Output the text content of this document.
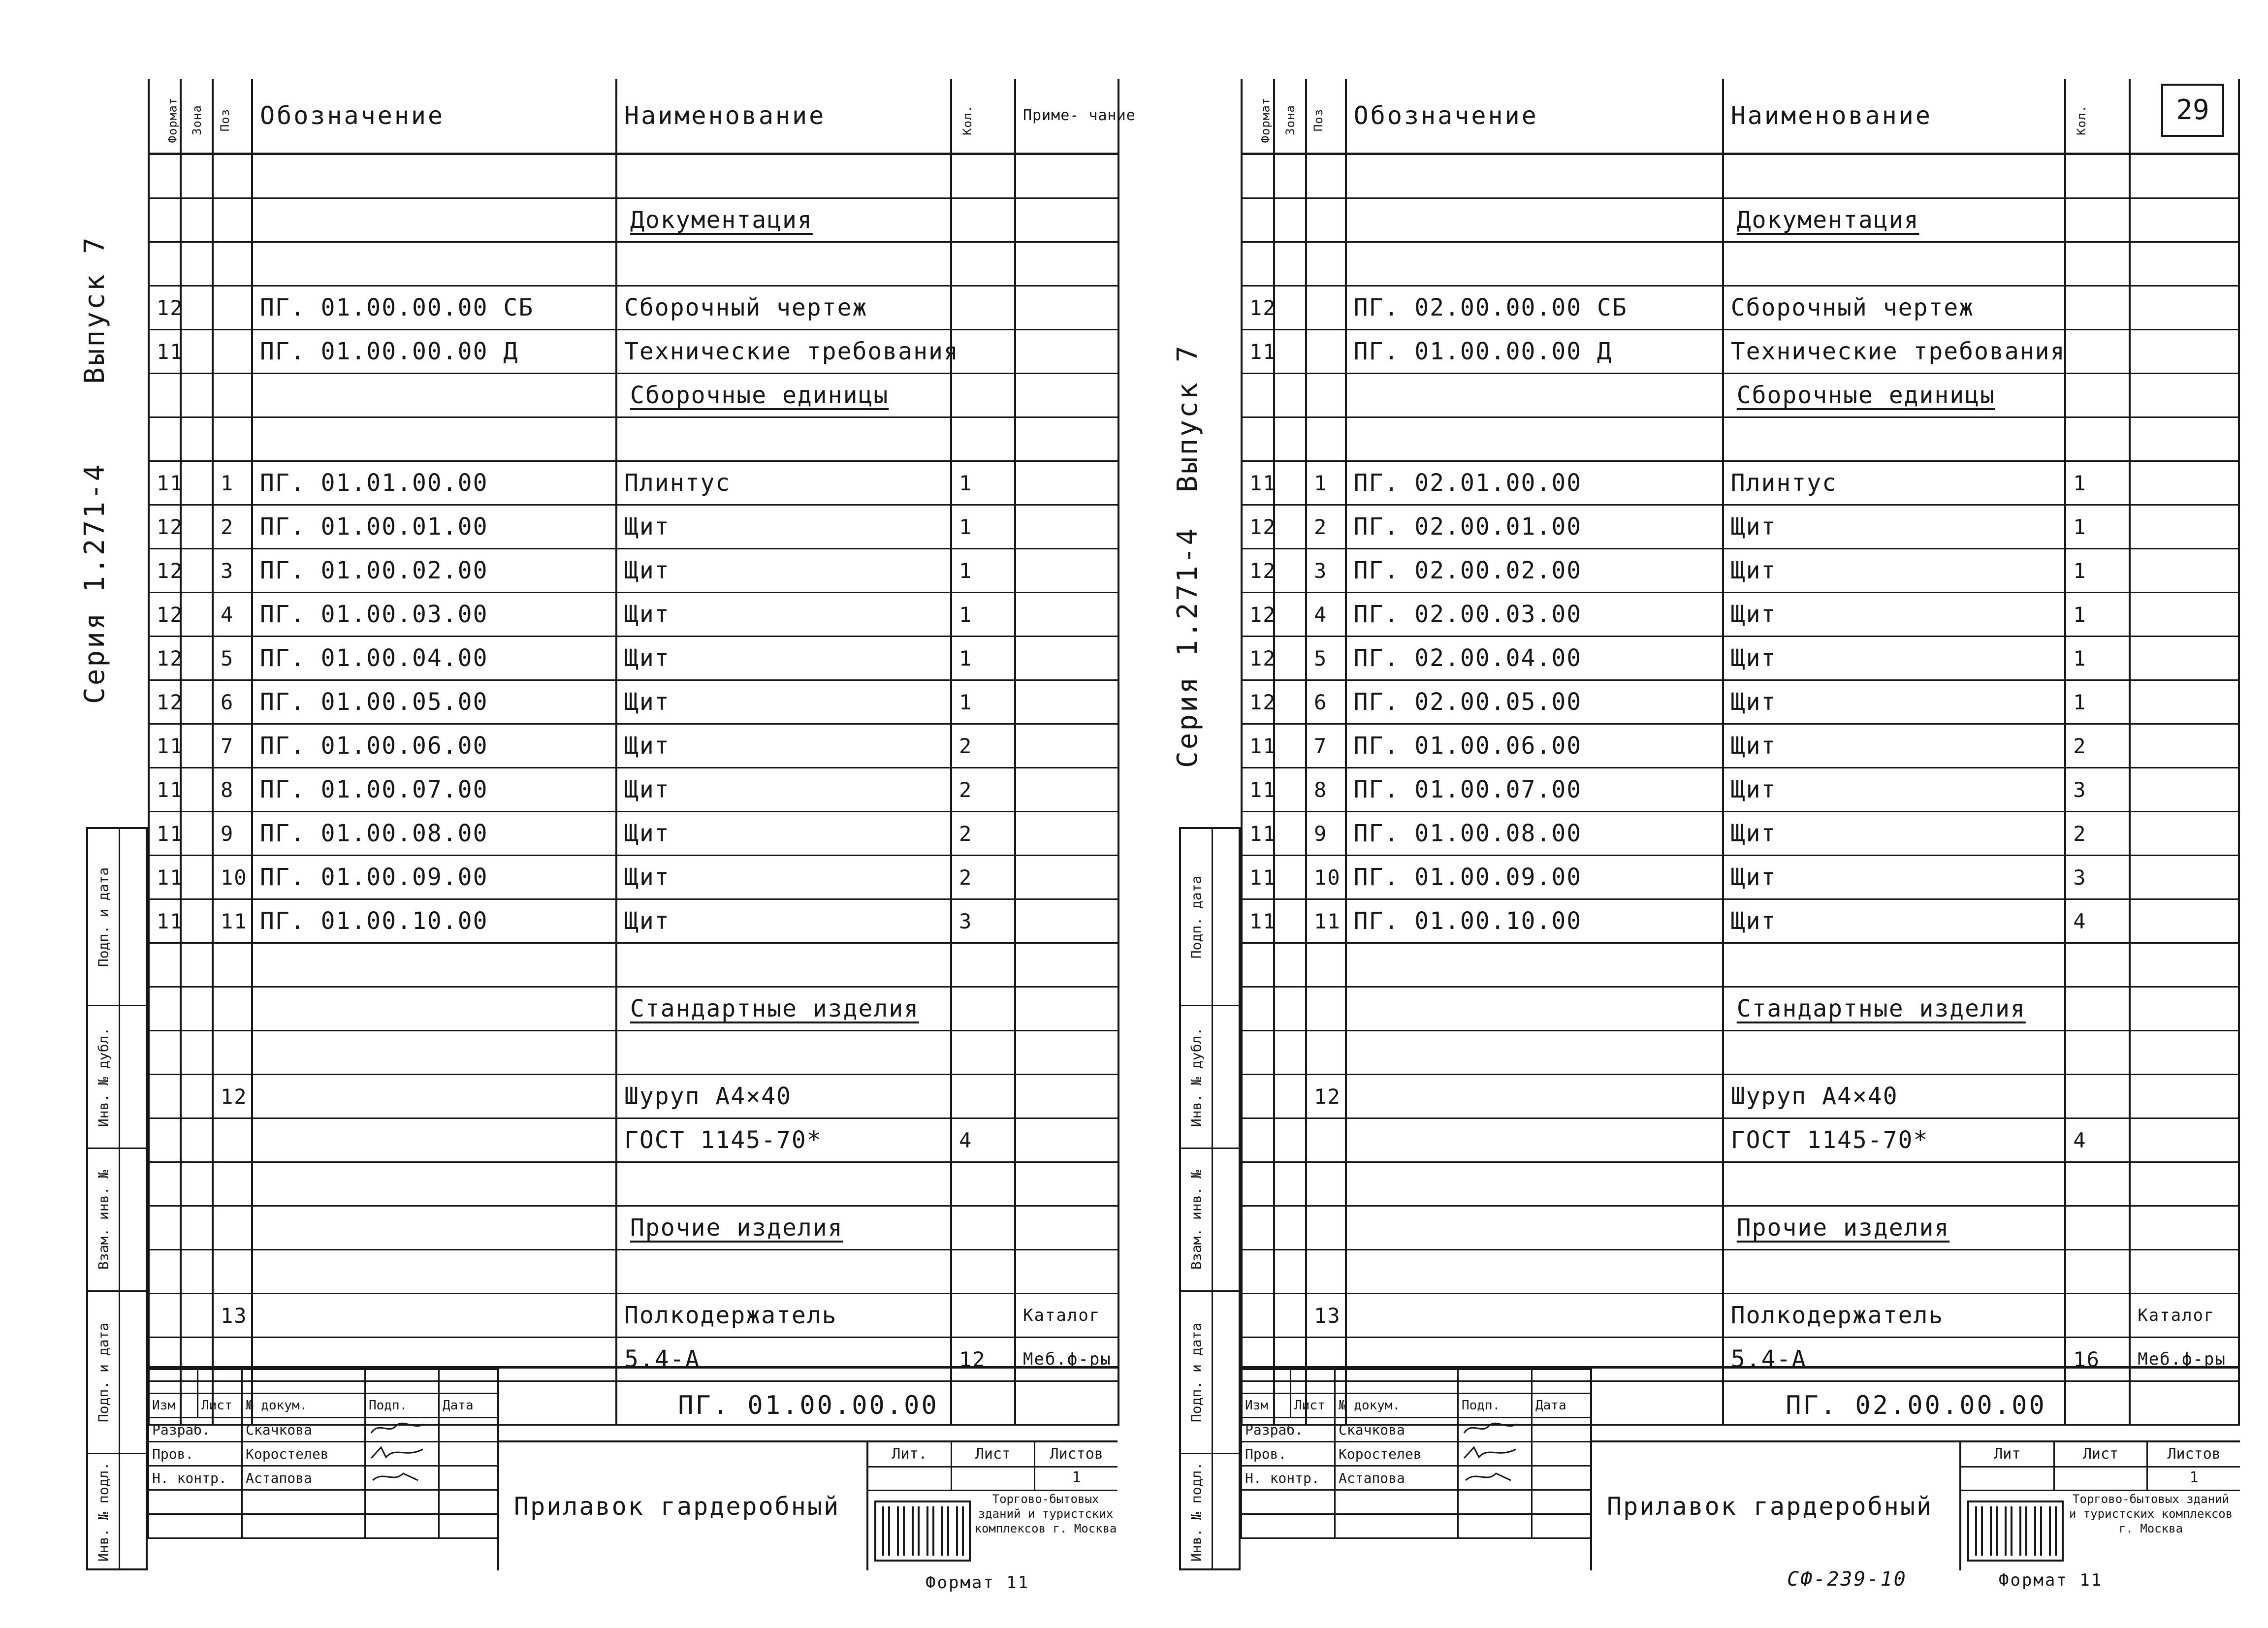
Выпуск 7
Серия 1.271-4
Формат	Зона	Поз	Обозначение	Наименование	Кол.	Приме- чание

				Документация		

12			ПГ. 01.00.00.00 СБ	Сборочный чертеж		
11			ПГ. 01.00.00.00 Д	Технические требования		
				Сборочные единицы		

11		1	ПГ. 01.01.00.00	Плинтус	1	
12		2	ПГ. 01.00.01.00	Щит	1	
12		3	ПГ. 01.00.02.00	Щит	1	
12		4	ПГ. 01.00.03.00	Щит	1	
12		5	ПГ. 01.00.04.00	Щит	1	
12		6	ПГ. 01.00.05.00	Щит	1	
11		7	ПГ. 01.00.06.00	Щит	2	
11		8	ПГ. 01.00.07.00	Щит	2	
11		9	ПГ. 01.00.08.00	Щит	2	
11		10	ПГ. 01.00.09.00	Щит	2	
11		11	ПГ. 01.00.10.00	Щит	3	

				Стандартные изделия		

		12		Шуруп А4×40		
				ГОСТ 1145-70*	4	

				Прочие изделия		

		13		Полкодержатель		Каталог
				5.4-А	12	Меб.ф-ры

Подп. и дата
Инв. № дубл.
Взам. инв. №
Подп. и дата
Инв. № подл.

Изм	Лист	№ докум.	Подп.	Дата
Разраб.		Скачкова		
Пров.		Коростелев		
Н. контр.		Астапова		

ПГ. 01.00.00.00
Прилавок гардеробный
Лит.	Лист	Листов
1
Торгово-бытовых зданий и туристских комплексов г. Москва
Формат 11
Выпуск 7
Серия 1.271-4
Формат	Зона	Поз	Обозначение	Наименование	Кол.	

				Документация		

12			ПГ. 02.00.00.00 СБ	Сборочный чертеж		
11			ПГ. 01.00.00.00 Д	Технические требования		
				Сборочные единицы		

11		1	ПГ. 02.01.00.00	Плинтус	1	
12		2	ПГ. 02.00.01.00	Щит	1	
12		3	ПГ. 02.00.02.00	Щит	1	
12		4	ПГ. 02.00.03.00	Щит	1	
12		5	ПГ. 02.00.04.00	Щит	1	
12		6	ПГ. 02.00.05.00	Щит	1	
11		7	ПГ. 01.00.06.00	Щит	2	
11		8	ПГ. 01.00.07.00	Щит	3	
11		9	ПГ. 01.00.08.00	Щит	2	
11		10	ПГ. 01.00.09.00	Щит	3	
11		11	ПГ. 01.00.10.00	Щит	4	

				Стандартные изделия		

		12		Шуруп А4×40		
				ГОСТ 1145-70*	4	

				Прочие изделия		

		13		Полкодержатель		Каталог
				5.4-А	16	Меб.ф-ры

29
Подп. дата
Инв. № дубл.
Взам. инв. №
Подп. и дата
Инв. № подл.

Изм	Лист	№ докум.	Подп.	Дата
Разраб.		Скачкова		
Пров.		Коростелев		
Н. контр.		Астапова		

ПГ. 02.00.00.00
Прилавок гардеробный
Лит	Лист	Листов
1
Торгово-бытовых зданий и туристских комплексов г. Москва
СФ-239-10	Формат 11
